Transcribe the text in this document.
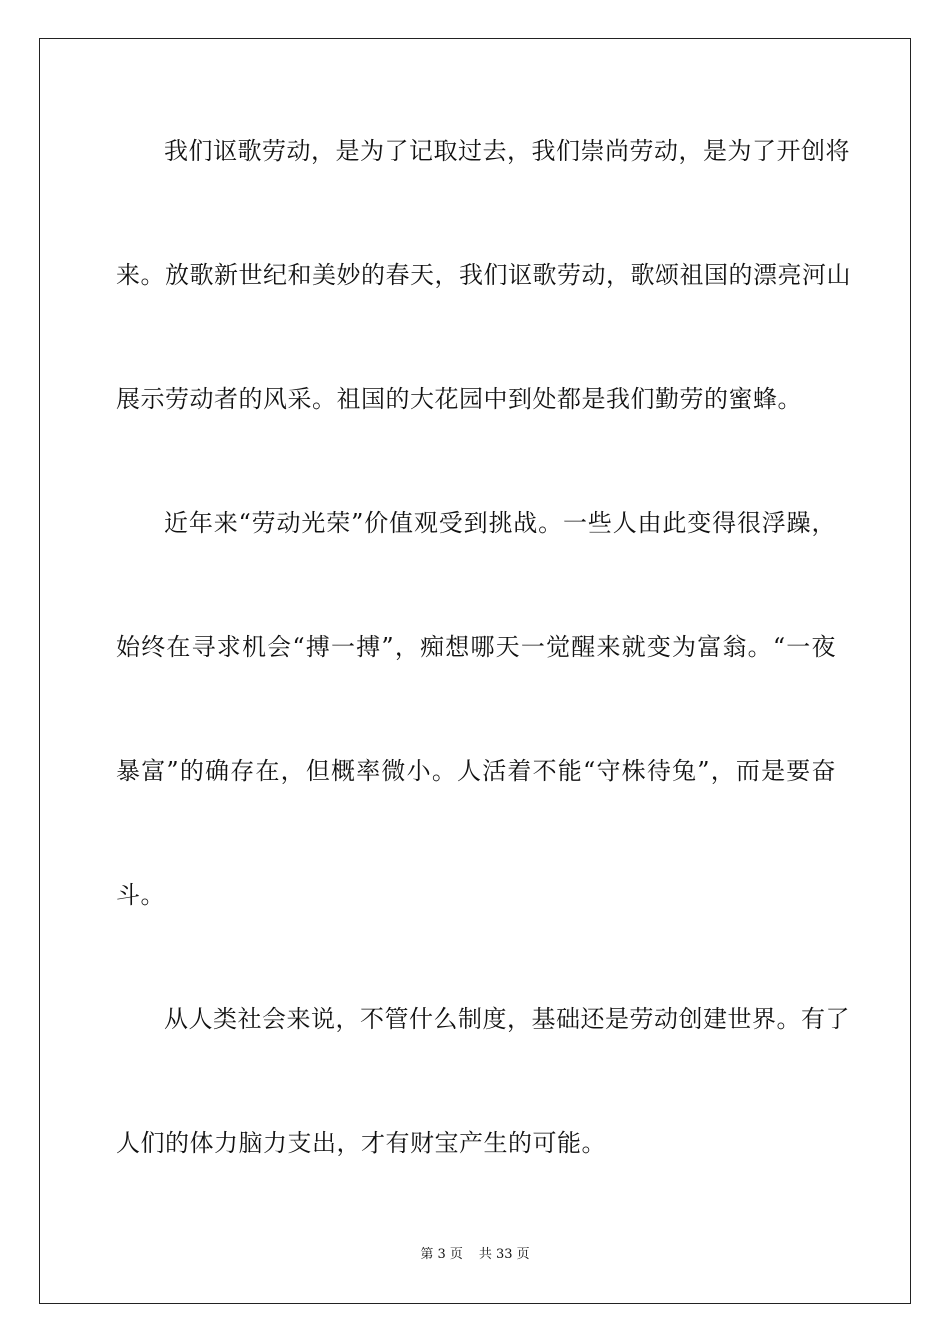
我们讴歌劳动，是为了记取过去，我们崇尚劳动，是为了开创将

来。放歌新世纪和美妙的春天，我们讴歌劳动，歌颂祖国的漂亮河山

展示劳动者的风采。祖国的大花园中到处都是我们勤劳的蜜蜂。

近年来“劳动光荣”价值观受到挑战。一些人由此变得很浮躁，

始终在寻求机会“搏一搏”，痴想哪天一觉醒来就变为富翁。“一夜

暴富”的确存在，但概率微小。人活着不能“守株待兔”，而是要奋

斗。

从人类社会来说，不管什么制度，基础还是劳动创建世界。有了

人们的体力脑力支出，才有财宝产生的可能。

第 3 页 共 33 页
